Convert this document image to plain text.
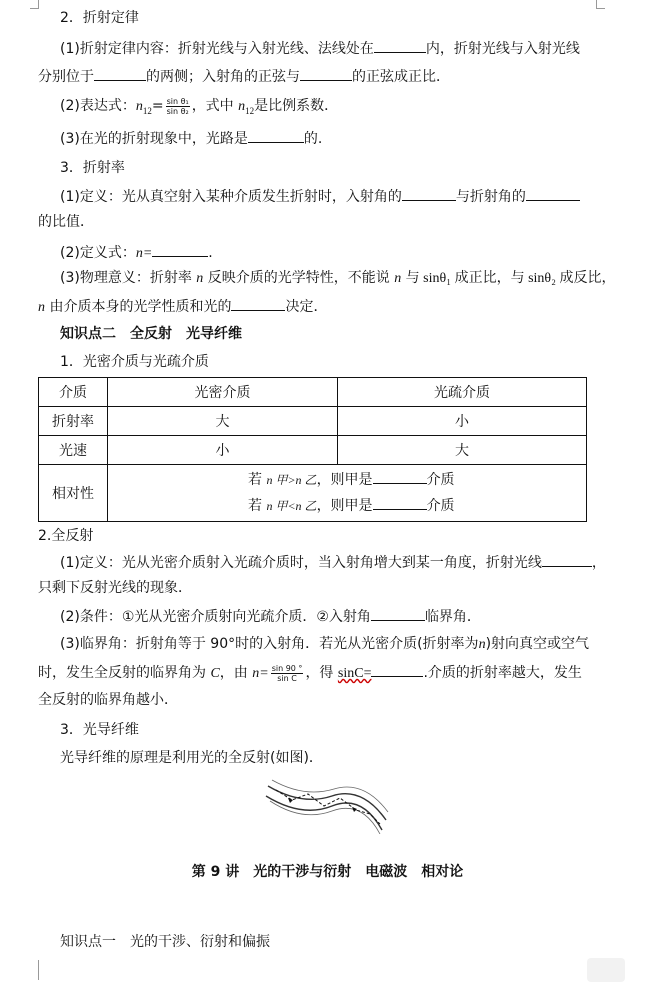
2．折射定律
(1)折射定律内容：折射光线与入射光线、法线处在	内，折射光线与入射光线
分别位于	的两侧；入射角的正弦与	的正弦成正比．
(2)表达式：$n_{12}= \frac{\text{sin θ₁}}{\text{sin θ₂}}$ ，式中 $n_{12}$是比例系数．
(3)在光的折射现象中，光路是	的.
3．折射率
(1)定义：光从真空射入某种介质发生折射时，入射角的	与折射角的
的比值．
(2)定义式：n=	.
(3)物理意义：折射率 n 反映介质的光学特性，不能说 n 与 sinθ₁ 成正比，与 sinθ₂ 成反比，
n 由介质本身的光学性质和光的	决定．
知识点二　全反射　光导纤维
1．光密介质与光疏介质
介质	光密介质	光疏介质
折射率	大	小
光速	小	大
相对性	若 n 甲>n 乙，则甲是 介质
若 n 甲<n 乙，则甲是 介质	
2.全反射
(1)定义：光从光密介质射入光疏介质时，当入射角增大到某一角度，折射光线	，
只剩下反射光线的现象．
(2)条件：①光从光密介质射向光疏介质．②入射角	临界角．
(3)临界角：折射角等于 90°时的入射角．若光从光密介质(折射率为n)射向真空或空气
时，发生全反射的临界角为 C，由 $n= \frac{\sin 90 ^\circ}{\text{sin C}}$ ，得 sinC=	.介质的折射率越大，发生
全反射的临界角越小．
3．光导纤维
光导纤维的原理是利用光的全反射(如图)．
第 9 讲　光的干涉与衍射　电磁波　相对论
知识点一　光的干涉、衍射和偏振
